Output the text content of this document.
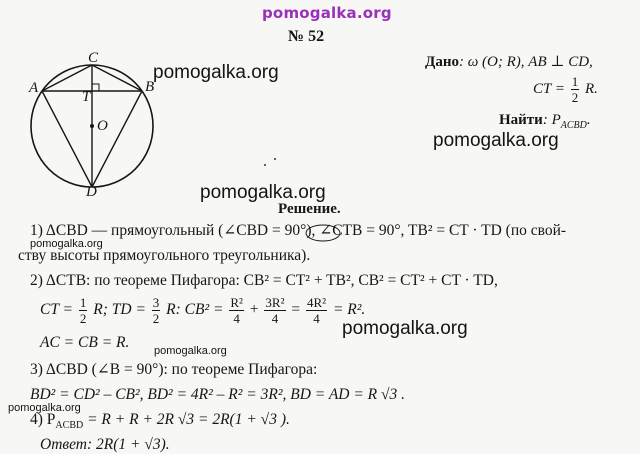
pomogalka.org
C
A	B
T
O
D
№ 52
Дано: ω (O; R), AB ⊥ CD,
CT = $\frac{1}{2} R$.
Найти: $P_{ACBD}$.
pomogalka.org
pomogalka.org
pomogalka.org
pomogalka.org
pomogalka.org
pomogalka.org
pomogalka.org
Решение.
1) ΔCBD — прямоугольный (∠CBD = 90°), ∠CTB = 90°, TB² = CT · TD (по свой-
ству высоты прямоугольного треугольника).
2) ΔCTB: по теореме Пифагора: CB² = CT² + TB², CB² = CT² + CT · TD,
CT = $\frac{1}{2} R$; TD = $\frac{3}{2} R$: $CB^2 = \frac{\text{R²}}{4} + \frac{\text{3R²}}{4} = \frac{\text{4R²}}{4} = R^2$.
AC = CB = R.
3) ΔCBD (∠B = 90°): по теореме Пифагора:
BD² = CD² – CB², BD² = 4R² – R² = 3R², BD = AD = R √3 .
4) $P_{ACBD} = R + R + 2R$ √3 = 2R(1 + √3 ).
Ответ: 2R(1 + √3).
